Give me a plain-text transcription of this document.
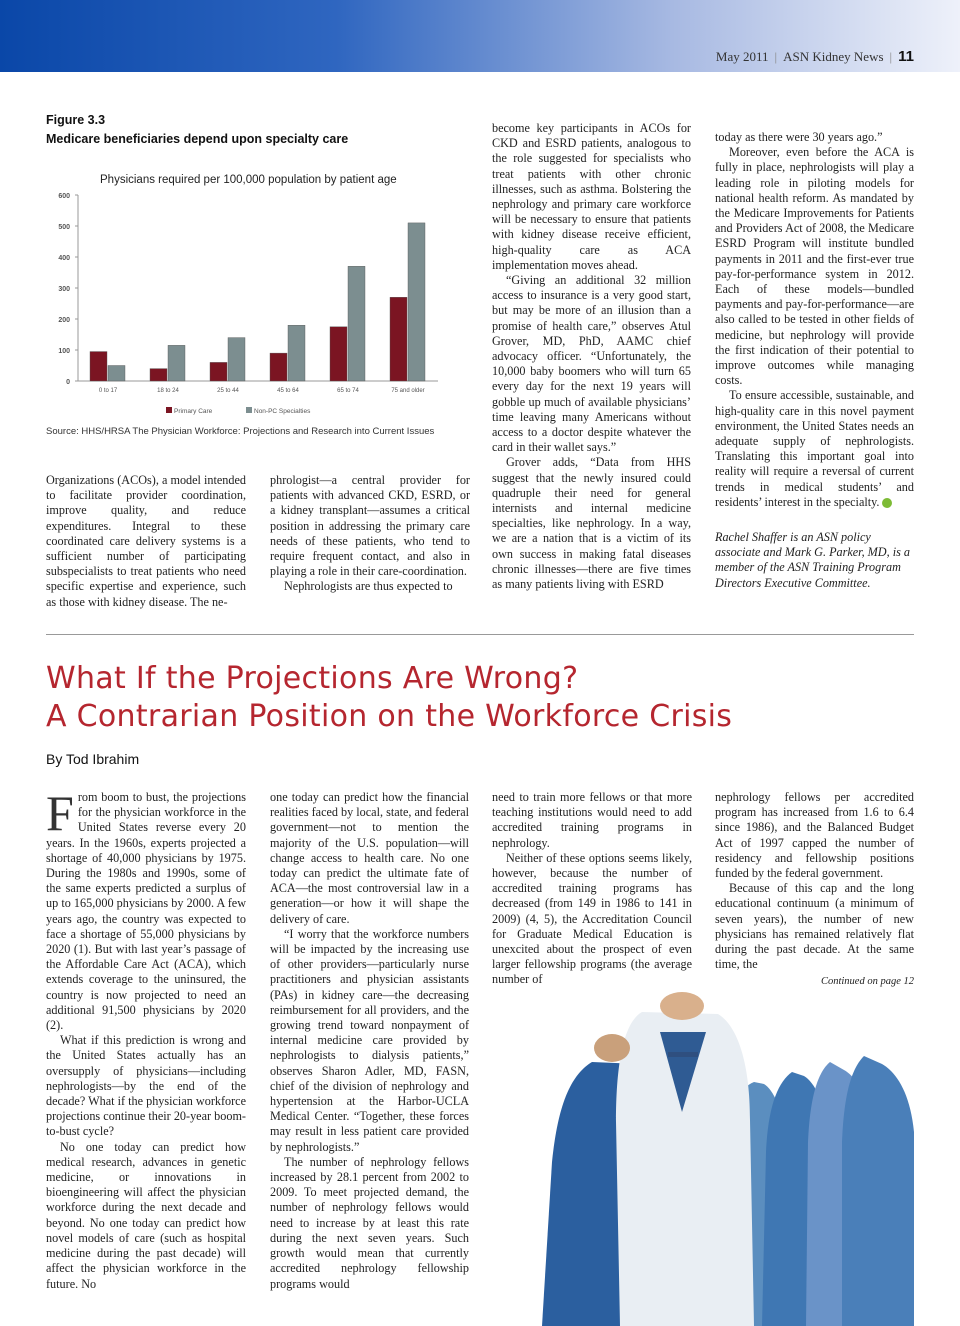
May 2011 | ASN Kidney News | 11
Figure 3.3
Medicare beneficiaries depend upon specialty care
Physicians required per 100,000 population by patient age
0
100
200
300
400
500
600
0 to 17	18 to 24	25 to 44	45 to 64	65 to 74	75 and older
Primary Care	Non-PC Specialties
Source: HHS/HRSA The Physician Workforce: Projections and Research into Current Issues

Organizations (ACOs), a model intended to facilitate provider coordination, improve quality, and reduce expenditures. Integral to these coordinated care delivery systems is a sufficient number of participating subspecialists to treat patients who need specific expertise and experience, such as those with kidney disease. The ne-

phrologist—a central provider for patients with advanced CKD, ESRD, or a kidney transplant—assumes a critical position in addressing the primary care needs of these patients, who tend to require frequent contact, and also in playing a role in their care-coordination.

Nephrologists are thus expected to

become key participants in ACOs for CKD and ESRD patients, analogous to the role suggested for specialists who treat patients with other chronic illnesses, such as asthma. Bolstering the nephrology and primary care workforce will be necessary to ensure that patients with kidney disease receive efficient, high-quality care as ACA implementation moves ahead.

“Giving an additional 32 million access to insurance is a very good start, but may be more of an illusion than a promise of health care,” observes Atul Grover, MD, PhD, AAMC chief advocacy officer. “Unfortunately, the 10,000 baby boomers who will turn 65 every day for the next 19 years will gobble up much of available physicians’ time leaving many Americans without access to a doctor despite whatever the card in their wallet says.”

Grover adds, “Data from HHS suggest that the newly insured could quadruple their need for general internists and internal medicine specialties, like nephrology. In a way, we are a nation that is a victim of its own success in making fatal diseases chronic illnesses—there are five times as many patients living with ESRD

today as there were 30 years ago.”

Moreover, even before the ACA is fully in place, nephrologists will play a leading role in piloting models for national health reform. As mandated by the Medicare Improvements for Patients and Providers Act of 2008, the Medicare ESRD Program will institute bundled payments in 2011 and the first-ever true pay-for-performance system in 2012. Each of these models—bundled payments and pay-for-performance—are also called to be tested in other fields of medicine, but nephrology will provide the first indication of their potential to improve outcomes while managing costs.

To ensure accessible, sustainable, and high-quality care in this novel payment environment, the United States needs an adequate supply of nephrologists. Translating this important goal into reality will require a reversal of current trends in medical students’ and residents’ interest in the specialty.

Rachel Shaffer is an ASN policy associate and Mark G. Parker, MD, is a member of the ASN Training Program Directors Executive Committee.

What If the Projections Are Wrong?
A Contrarian Position on the Workforce Crisis
By Tod Ibrahim

From boom to bust, the projections for the physician workforce in the United States reverse every 20 years. In the 1960s, experts projected a shortage of 40,000 physicians by 1975. During the 1980s and 1990s, some of the same experts predicted a surplus of up to 165,000 physicians by 2000. A few years ago, the country was expected to face a shortage of 55,000 physicians by 2020 (1). But with last year’s passage of the Affordable Care Act (ACA), which extends coverage to the uninsured, the country is now projected to need an additional 91,500 physicians by 2020 (2).

What if this prediction is wrong and the United States actually has an oversupply of physicians—including nephrologists—by the end of the decade? What if the physician workforce projections continue their 20-year boom-to-bust cycle?

No one today can predict how medical research, advances in genetic medicine, or innovations in bioengineering will affect the physician workforce during the next decade and beyond. No one today can predict how novel models of care (such as hospital medicine during the past decade) will affect the physician workforce in the future. No

one today can predict how the financial realities faced by local, state, and federal government—not to mention the majority of the U.S. population—will change access to health care. No one today can predict the ultimate fate of ACA—the most controversial law in a generation—or how it will shape the delivery of care.

“I worry that the workforce numbers will be impacted by the increasing use of other providers—particularly nurse practitioners and physician assistants (PAs) in kidney care—the decreasing reimbursement for all providers, and the growing trend toward nonpayment of internal medicine care provided by nephrologists to dialysis patients,” observes Sharon Adler, MD, FASN, chief of the division of nephrology and hypertension at the Harbor-UCLA Medical Center. “Together, these forces may result in less patient care provided by nephrologists.”

The number of nephrology fellows increased by 28.1 percent from 2002 to 2009. To meet projected demand, the number of nephrology fellows would need to increase by at least this rate during the next seven years. Such growth would mean that currently accredited nephrology fellowship programs would

need to train more fellows or that more teaching institutions would need to add accredited training programs in nephrology.

Neither of these options seems likely, however, because the number of accredited training programs has decreased (from 149 in 1986 to 141 in 2009) (4, 5), the Accreditation Council for Graduate Medical Education is unexcited about the prospect of even larger fellowship programs (the average number of

nephrology fellows per accredited program has increased from 1.6 to 6.4 since 1986), and the Balanced Budget Act of 1997 capped the number of residency and fellowship positions funded by the federal government.

Because of this cap and the long educational continuum (a minimum of seven years), the number of new physicians has remained relatively flat during the past decade. At the same time, the

Continued on page 12
